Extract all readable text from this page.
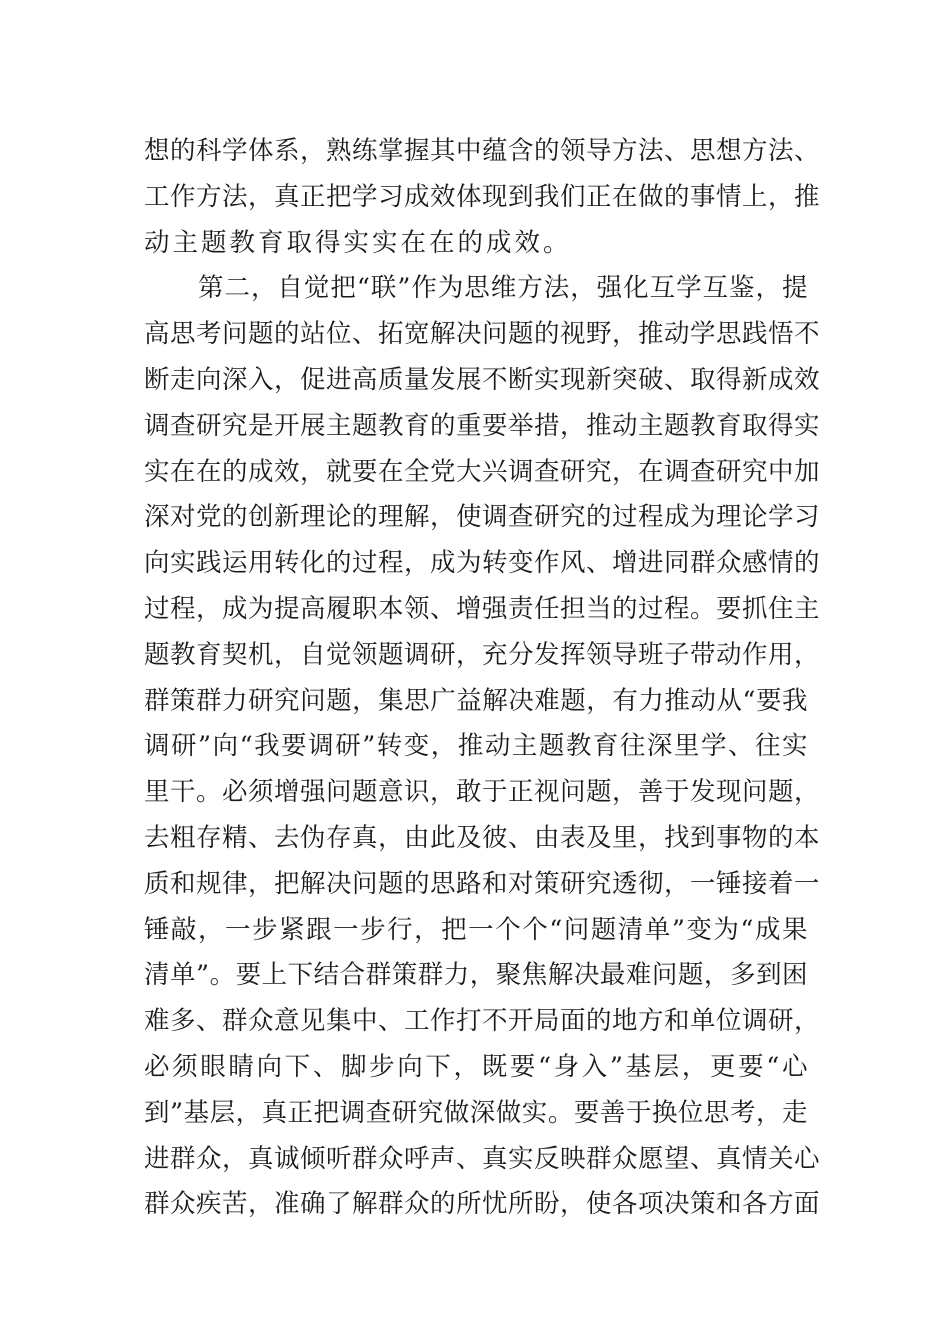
想的科学体系，熟练掌握其中蕴含的领导方法、思想方法、
工作方法，真正把学习成效体现到我们正在做的事情上，推
动主题教育取得实实在在的成效。
第二，自觉把“联”作为思维方法，强化互学互鉴，提
高思考问题的站位、拓宽解决问题的视野，推动学思践悟不
断走向深入，促进高质量发展不断实现新突破、取得新成效
调查研究是开展主题教育的重要举措，推动主题教育取得实
实在在的成效，就要在全党大兴调查研究，在调查研究中加
深对党的创新理论的理解，使调查研究的过程成为理论学习
向实践运用转化的过程，成为转变作风、增进同群众感情的
过程，成为提高履职本领、增强责任担当的过程。要抓住主
题教育契机，自觉领题调研，充分发挥领导班子带动作用，
群策群力研究问题，集思广益解决难题，有力推动从“要我
调研”向“我要调研”转变，推动主题教育往深里学、往实
里干。必须增强问题意识，敢于正视问题，善于发现问题，
去粗存精、去伪存真，由此及彼、由表及里，找到事物的本
质和规律，把解决问题的思路和对策研究透彻，一锤接着一
锤敲，一步紧跟一步行，把一个个“问题清单”变为“成果
清单”。要上下结合群策群力，聚焦解决最难问题，多到困
难多、群众意见集中、工作打不开局面的地方和单位调研，
必须眼睛向下、脚步向下，既要“身入”基层，更要“心
到”基层，真正把调查研究做深做实。要善于换位思考，走
进群众，真诚倾听群众呼声、真实反映群众愿望、真情关心
群众疾苦，准确了解群众的所忧所盼，使各项决策和各方面
